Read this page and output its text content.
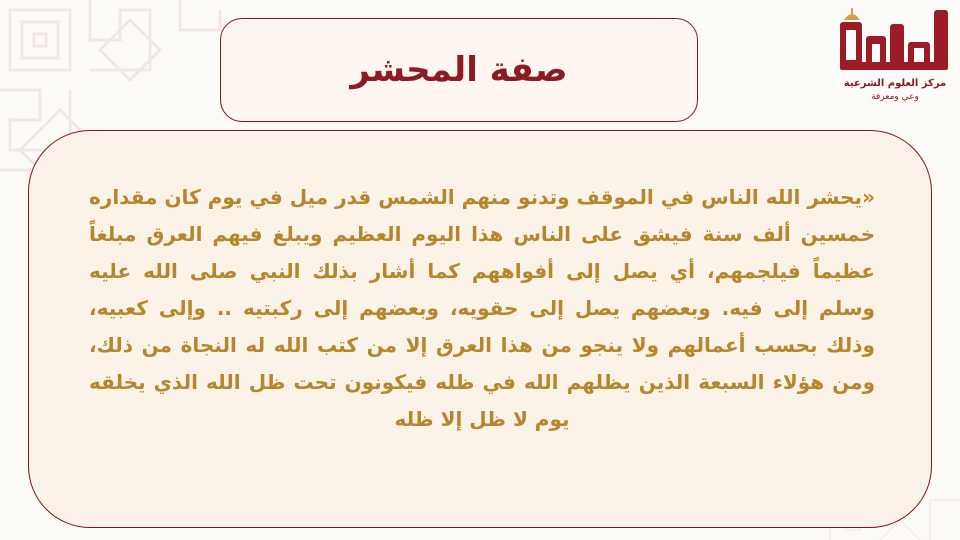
صفة المحشر
«يحشر الله الناس في الموقف وتدنو منهم الشمس قدر ميل في يوم كان مقداره خمسين ألف سنة فيشق على الناس هذا اليوم العظيم ويبلغ فيهم العرق مبلغاً عظيماً فيلجمهم، أي يصل إلى أفواههم كما أشار بذلك النبي صلى الله عليه وسلم إلى فيه. وبعضهم يصل إلى حقويه، وبعضهم إلى ركبتيه .. وإلى كعبيه، وذلك بحسب أعمالهم ولا ينجو من هذا العرق إلا من كتب الله له النجاة من ذلك، ومن هؤلاء السبعة الذين يظلهم الله في ظله فيكونون تحت ظل الله الذي يخلقه يوم لا ظل إلا ظله
مركز العلوم الشرعية
وعي ومعرفة
